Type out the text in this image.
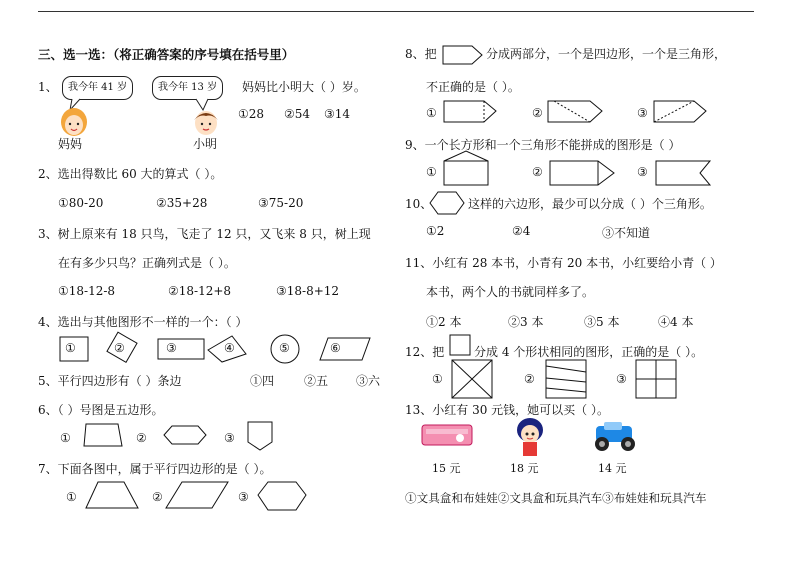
三、选一选：（将正确答案的序号填在括号里）
1、	我今年 41 岁	我今年 13 岁	妈妈比小明大（ ）岁。
①28 ②54 ③14
妈妈	小明
2、选出得数比 60 大的算式（ ）。
①80-20	②35+28	③75-20
3、树上原来有 18 只鸟，飞走了 12 只，又飞来 8 只，树上现
在有多少只鸟？正确列式是（ ）。
①18-12-8	②18-12+8	③18-8+12
4、选出与其他图形不一样的一个：（ ）
①	②	③	④	⑤	⑥
5、平行四边形有（ ）条边	①四 ②五 ③六
6、（ ）号图是五边形。
①	②	③
7、下面各图中，属于平行四边形的是（ ）。
①	②	③
8、把	分成两部分，一个是四边形，一个是三角形，
不正确的是（ ）。
①	②	③
9、一个长方形和一个三角形不能拼成的图形是（ ）
①	②	③
10、	这样的六边形，最少可以分成（ ）个三角形。
①2	②4	③不知道
11、小红有 28 本书，小青有 20 本书，小红要给小青（ ）
本书，两个人的书就同样多了。
①2 本	②3 本	③5 本	④4 本
12、把 分成 4 个形状相同的图形，正确的是（ ）。
①	②	③
13、小红有 30 元钱，她可以买（ ）。
15 元	18 元	14 元
①文具盒和布娃娃②文具盒和玩具汽车③布娃娃和玩具汽车
